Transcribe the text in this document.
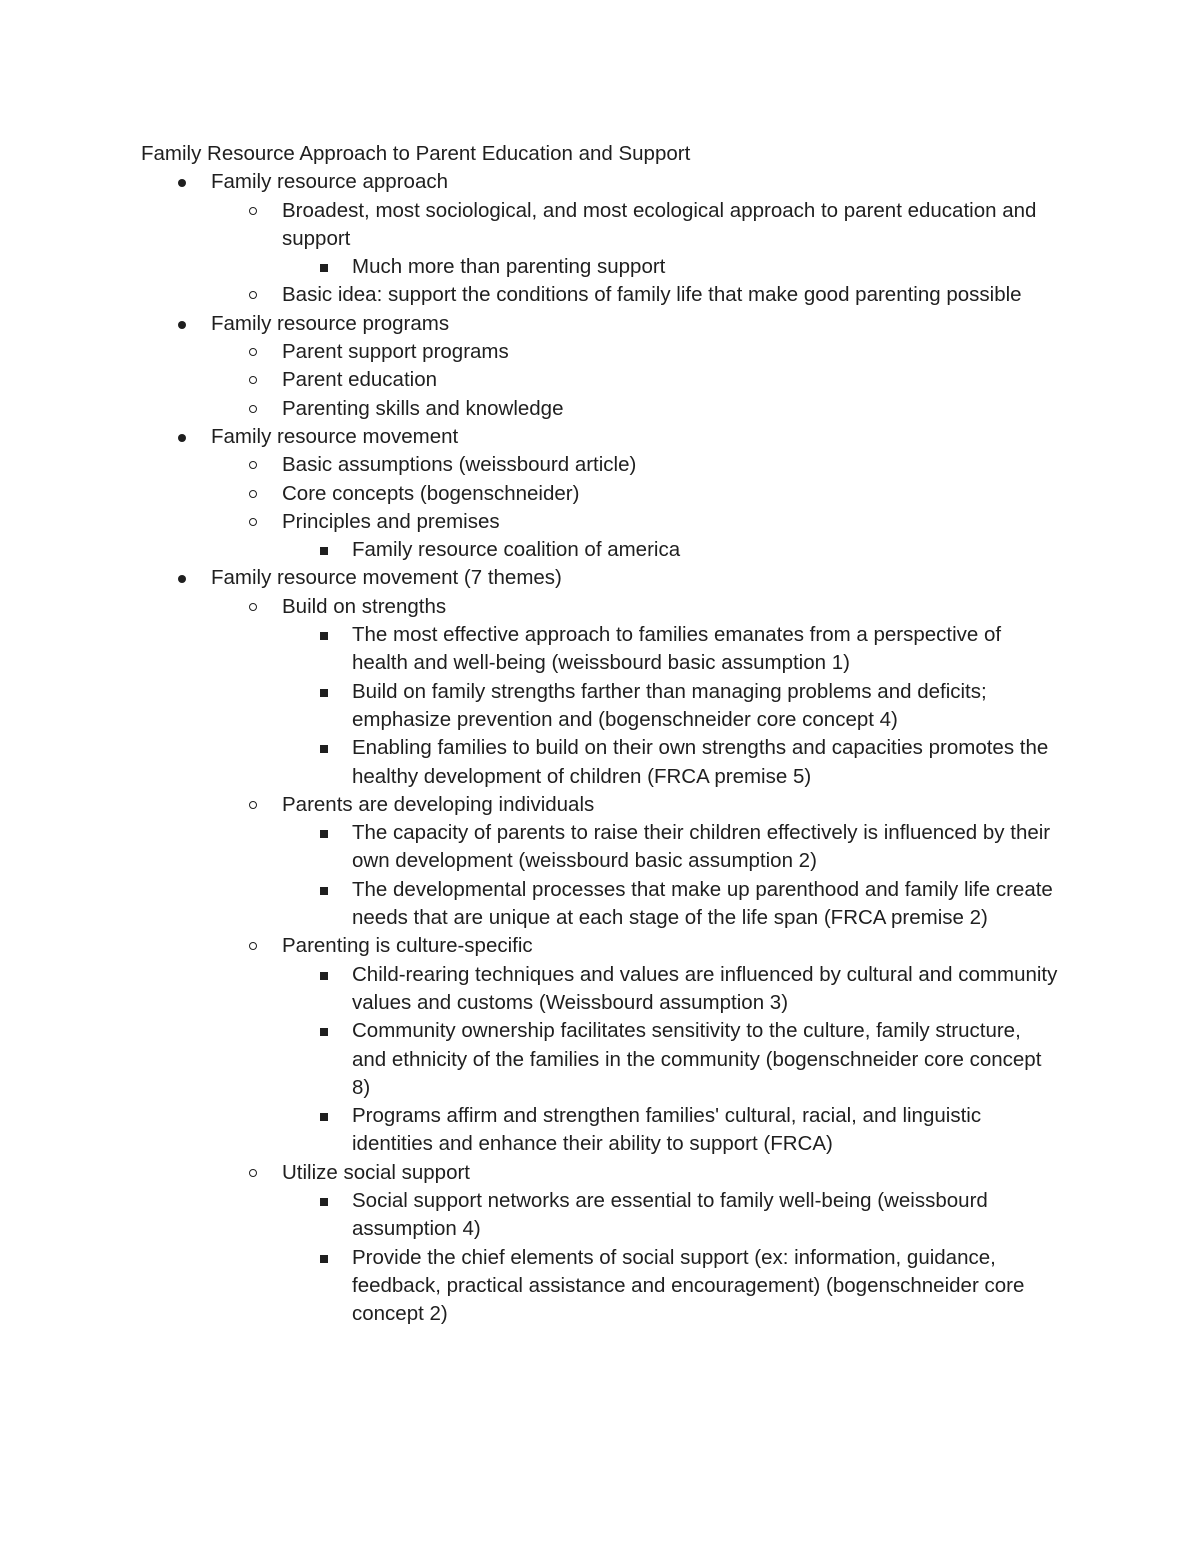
Family Resource Approach to Parent Education and Support
Family resource approach
Broadest, most sociological, and most ecological approach to parent education and support
Much more than parenting support
Basic idea: support the conditions of family life that make good parenting possible
Family resource programs
Parent support programs
Parent education
Parenting skills and knowledge
Family resource movement
Basic assumptions (weissbourd article)
Core concepts (bogenschneider)
Principles and premises
Family resource coalition of america
Family resource movement (7 themes)
Build on strengths
The most effective approach to families emanates from a perspective of health and well-being (weissbourd basic assumption 1)
Build on family strengths farther than managing problems and deficits; emphasize prevention and (bogenschneider core concept 4)
Enabling families to build on their own strengths and capacities promotes the healthy development of children (FRCA premise 5)
Parents are developing individuals
The capacity of parents to raise their children effectively is influenced by their own development (weissbourd basic assumption 2)
The developmental processes that make up parenthood and family life create needs that are unique at each stage of the life span (FRCA premise 2)
Parenting is culture-specific
Child-rearing techniques and values are influenced by cultural and community values and customs (Weissbourd assumption 3)
Community ownership facilitates sensitivity to the culture, family structure, and ethnicity of the families in the community (bogenschneider core concept 8)
Programs affirm and strengthen families' cultural, racial, and linguistic identities and enhance their ability to support (FRCA)
Utilize social support
Social support networks are essential to family well-being (weissbourd assumption 4)
Provide the chief elements of social support (ex: information, guidance, feedback, practical assistance and encouragement) (bogenschneider core concept 2)
